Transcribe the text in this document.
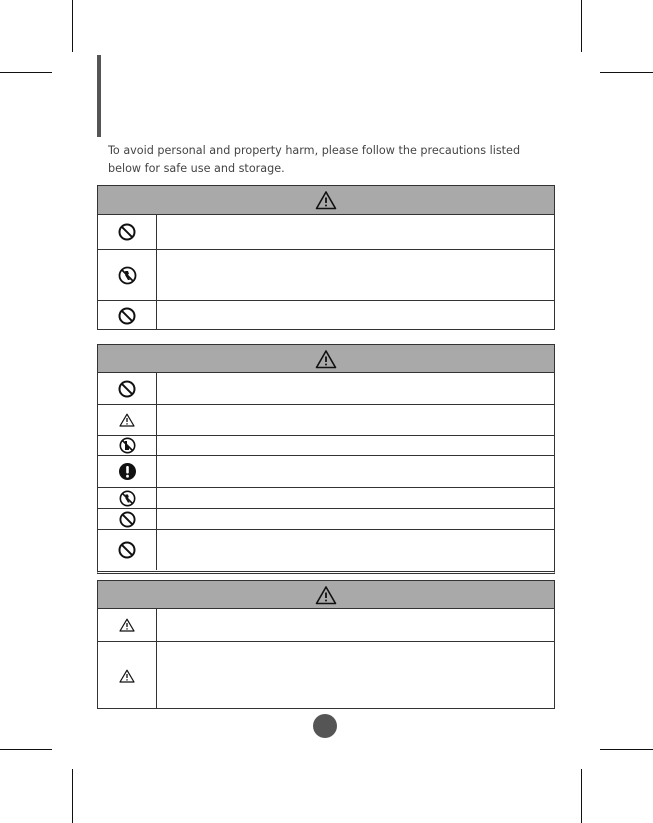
To avoid personal and property harm, please follow the precautions listed
below for safe use and storage.
